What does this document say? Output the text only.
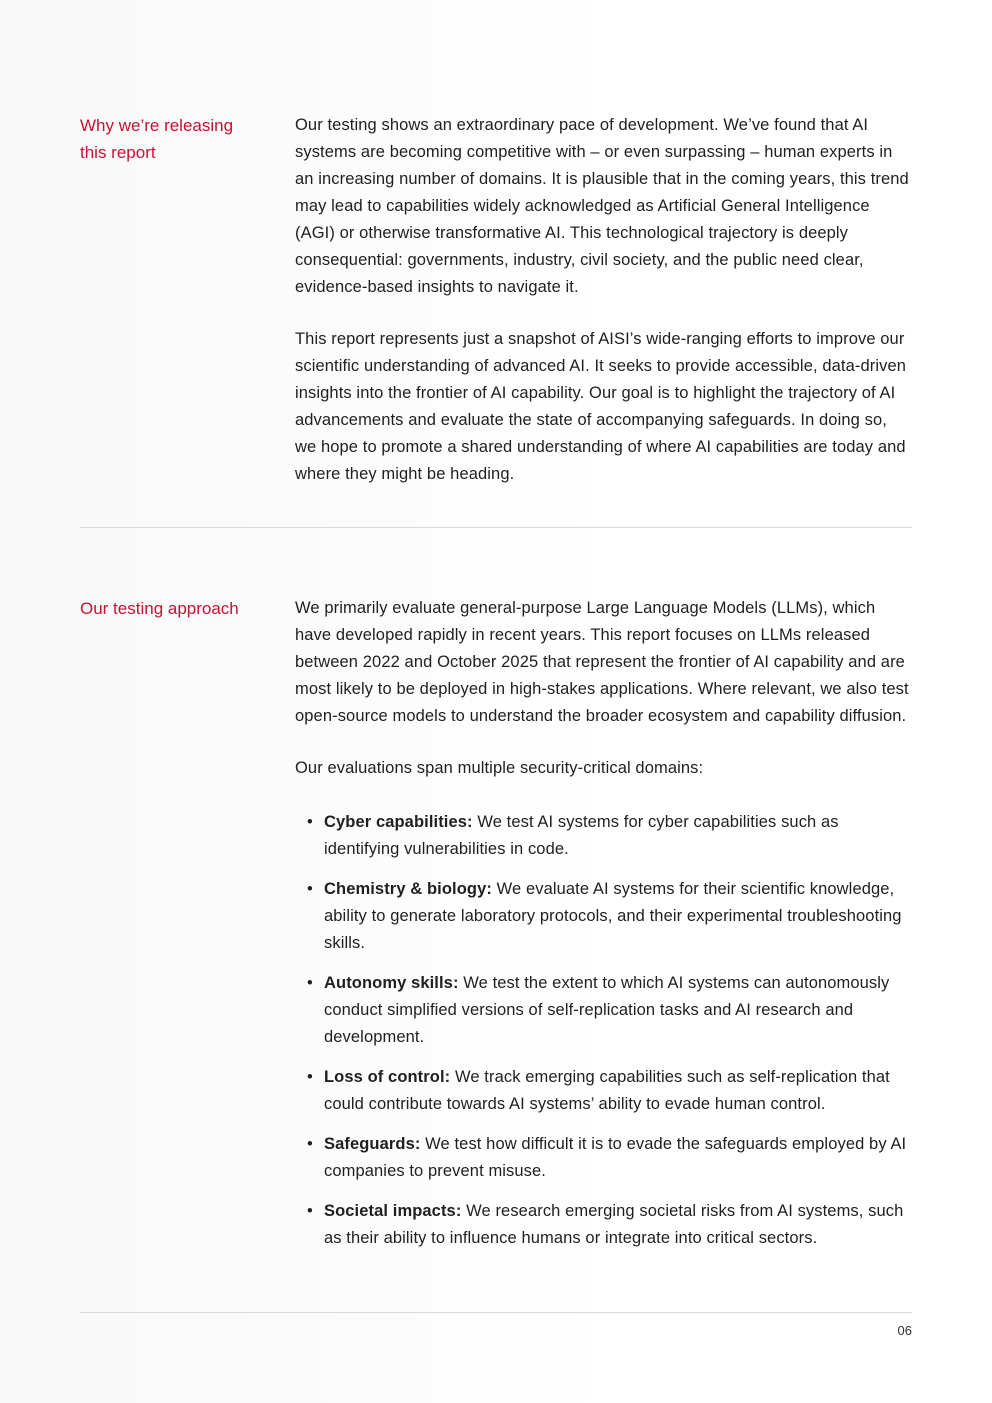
Why we’re releasing this report

Our testing shows an extraordinary pace of development. We’ve found that AI systems are becoming competitive with – or even surpassing – human experts in an increasing number of domains. It is plausible that in the coming years, this trend may lead to capabilities widely acknowledged as Artificial General Intelligence (AGI) or otherwise transformative AI. This technological trajectory is deeply consequential: governments, industry, civil society, and the public need clear, evidence-based insights to navigate it.

This report represents just a snapshot of AISI’s wide-ranging efforts to improve our scientific understanding of advanced AI. It seeks to provide accessible, data-driven insights into the frontier of AI capability. Our goal is to highlight the trajectory of AI advancements and evaluate the state of accompanying safeguards. In doing so, we hope to promote a shared understanding of where AI capabilities are today and where they might be heading.

Our testing approach	We primarily evaluate general-purpose Large Language Models (LLMs), which have developed rapidly in recent years. This report focuses on LLMs released between 2022 and October 2025 that represent the frontier of AI capability and are most likely to be deployed in high-stakes applications. Where relevant, we also test open-source models to understand the broader ecosystem and capability diffusion.

Our evaluations span multiple security-critical domains:

• Cyber capabilities: We test AI systems for cyber capabilities such as identifying vulnerabilities in code.
• Chemistry & biology: We evaluate AI systems for their scientific knowledge, ability to generate laboratory protocols, and their experimental troubleshooting skills.
• Autonomy skills: We test the extent to which AI systems can autonomously conduct simplified versions of self-replication tasks and AI research and development.
• Loss of control: We track emerging capabilities such as self-replication that could contribute towards AI systems’ ability to evade human control.
• Safeguards: We test how difficult it is to evade the safeguards employed by AI companies to prevent misuse.
• Societal impacts: We research emerging societal risks from AI systems, such as their ability to influence humans or integrate into critical sectors.
06
